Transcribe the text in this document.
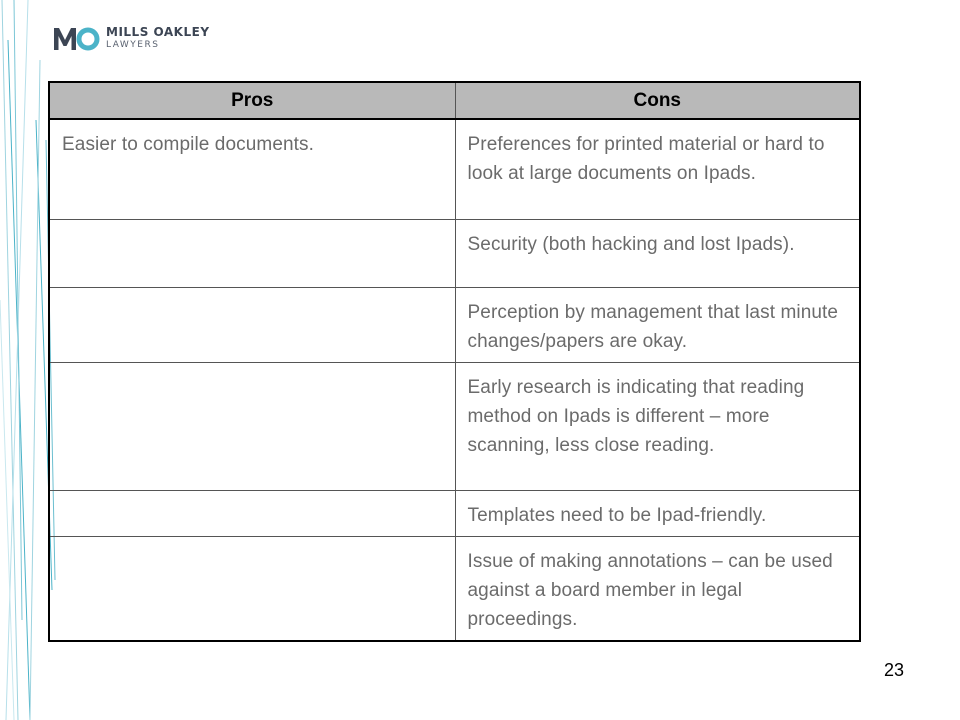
MILLS OAKLEY
LAWYERS
Pros	Cons
Easier to compile documents.	Preferences for printed material or hard to look at large documents on Ipads.
	Security (both hacking and lost Ipads).
	Perception by management that last minute changes/papers are okay.
	Early research is indicating that reading method on Ipads is different – more scanning, less close reading.
	Templates need to be Ipad-friendly.
	Issue of making annotations – can be used against a board member in legal proceedings.
23
